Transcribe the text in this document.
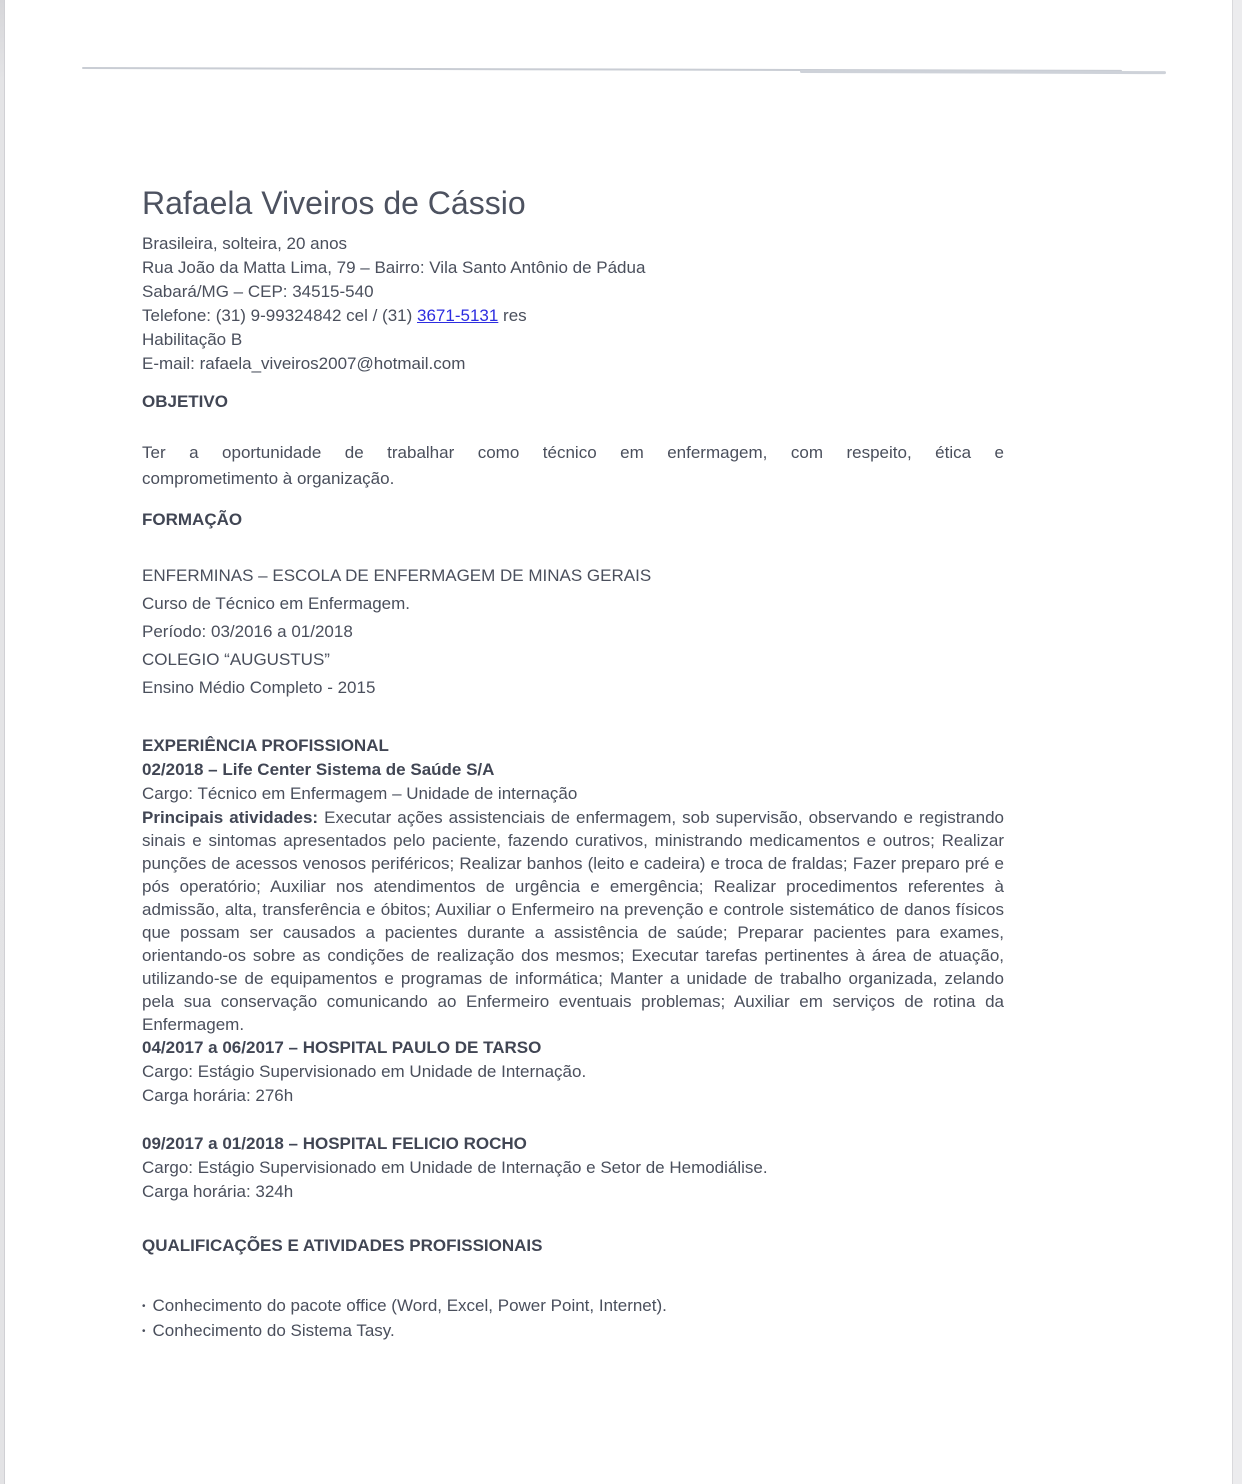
Rafaela Viveiros de Cássio
Brasileira, solteira, 20 anos
Rua João da Matta Lima, 79 – Bairro: Vila Santo Antônio de Pádua
Sabará/MG – CEP: 34515-540
Telefone: (31) 9-99324842 cel / (31) 3671-5131 res
Habilitação B
E-mail: rafaela_viveiros2007@hotmail.com
OBJETIVO
Ter a oportunidade de trabalhar como técnico em enfermagem, com respeito, ética e
comprometimento à organização.
FORMAÇÃO
ENFERMINAS – ESCOLA DE ENFERMAGEM DE MINAS GERAIS
Curso de Técnico em Enfermagem.
Período: 03/2016 a 01/2018
COLEGIO “AUGUSTUS”
Ensino Médio Completo - 2015
EXPERIÊNCIA PROFISSIONAL
02/2018 – Life Center Sistema de Saúde S/A
Cargo: Técnico em Enfermagem – Unidade de internação

Principais atividades: Executar ações assistenciais de enfermagem, sob supervisão, observando e registrando sinais e sintomas apresentados pelo paciente, fazendo curativos, ministrando medicamentos e outros; Realizar punções de acessos venosos periféricos; Realizar banhos (leito e cadeira) e troca de fraldas; Fazer preparo pré e pós operatório; Auxiliar nos atendimentos de urgência e emergência; Realizar procedimentos referentes à admissão, alta, transferência e óbitos; Auxiliar o Enfermeiro na prevenção e controle sistemático de danos físicos que possam ser causados a pacientes durante a assistência de saúde; Preparar pacientes para exames, orientando-os sobre as condições de realização dos mesmos; Executar tarefas pertinentes à área de atuação, utilizando-se de equipamentos e programas de informática; Manter a unidade de trabalho organizada, zelando pela sua conservação comunicando ao Enfermeiro eventuais problemas; Auxiliar em serviços de rotina da Enfermagem.

04/2017 a 06/2017 – HOSPITAL PAULO DE TARSO
Cargo: Estágio Supervisionado em Unidade de Internação.
Carga horária: 276h
09/2017 a 01/2018 – HOSPITAL FELICIO ROCHO
Cargo: Estágio Supervisionado em Unidade de Internação e Setor de Hemodiálise.
Carga horária: 324h
QUALIFICAÇÕES E ATIVIDADES PROFISSIONAIS
• Conhecimento do pacote office (Word, Excel, Power Point, Internet).
• Conhecimento do Sistema Tasy.
